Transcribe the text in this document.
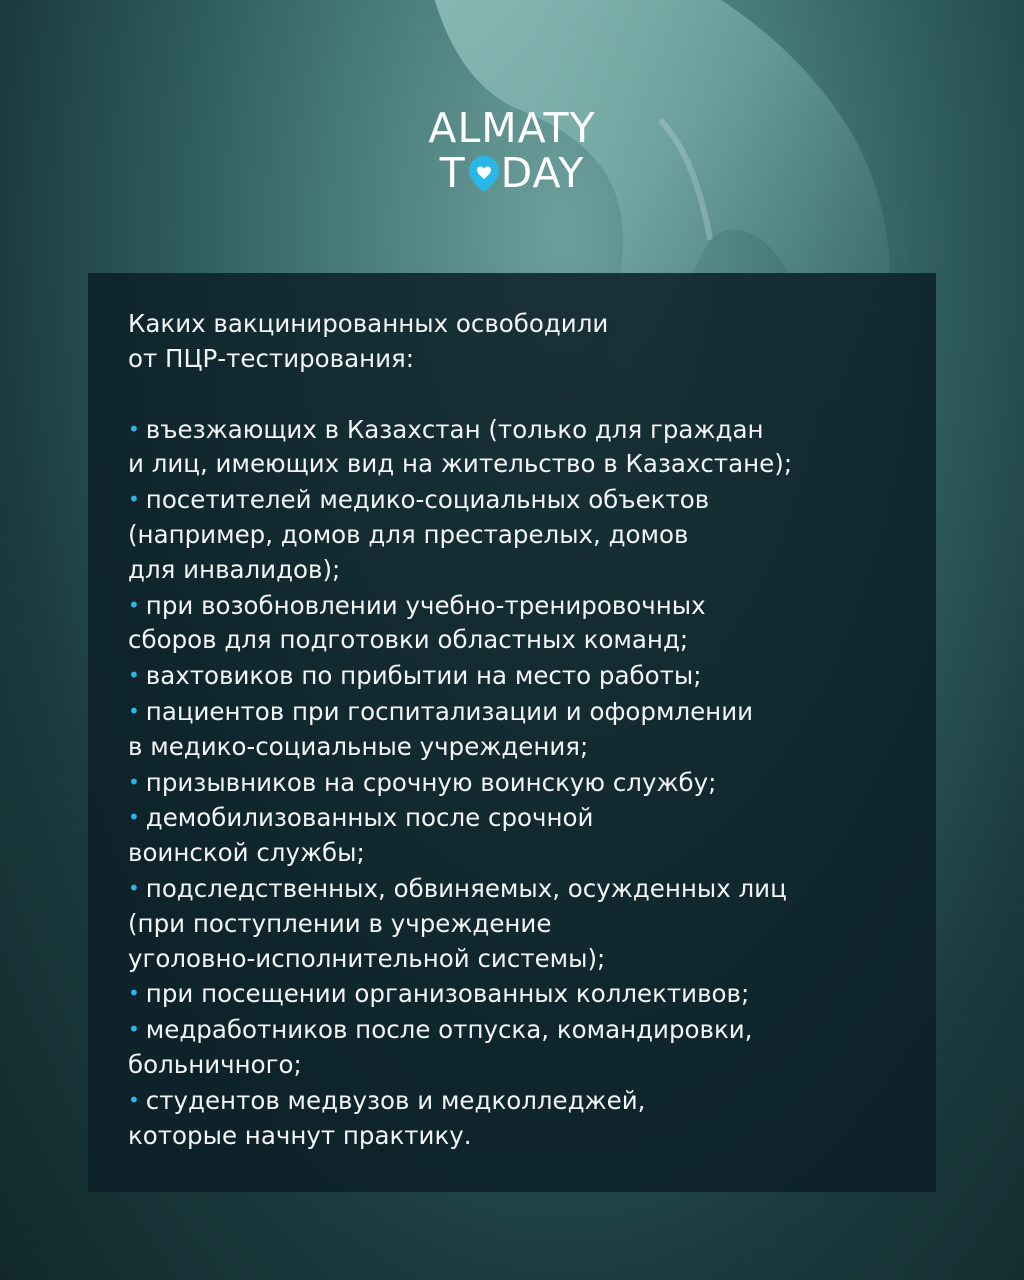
ALMATY
T DAY
Каких вакцинированных освободили
от ПЦР-тестирования:
• въезжающих в Казахстан (только для граждан
и лиц, имеющих вид на жительство в Казахстане);
• посетителей медико-социальных объектов
(например, домов для престарелых, домов
для инвалидов);
• при возобновлении учебно-тренировочных
сборов для подготовки областных команд;
• вахтовиков по прибытии на место работы;
• пациентов при госпитализации и оформлении
в медико-социальные учреждения;
• призывников на срочную воинскую службу;
• демобилизованных после срочной
воинской службы;
• подследственных, обвиняемых, осужденных лиц
(при поступлении в учреждение
уголовно-исполнительной системы);
• при посещении организованных коллективов;
• медработников после отпуска, командировки,
больничного;
• студентов медвузов и медколледжей,
которые начнут практику.
